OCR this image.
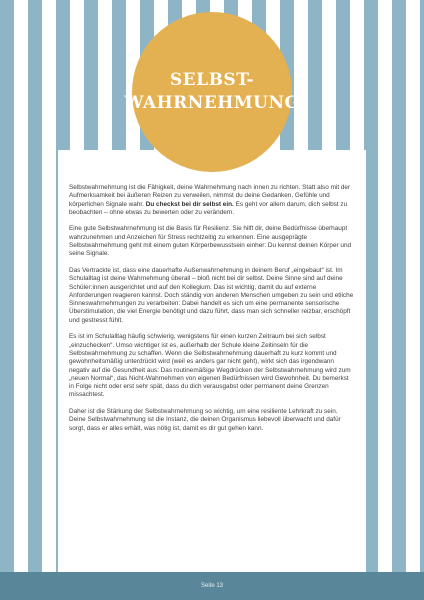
SELBST-
WAHRNEHMUNG

Selbstwahrnehmung ist die Fähigkeit, deine Wahrnehmung nach innen zu richten. Statt also mit der Aufmerksamkeit bei äußeren Reizen zu verweilen, nimmst du deine Gedanken, Gefühle und körperlichen Signale wahr. Du checkst bei dir selbst ein. Es geht vor allem darum, dich selbst zu beobachten – ohne etwas zu bewerten oder zu verändern.

Eine gute Selbstwahrnehmung ist die Basis für Resilienz. Sie hilft dir, deine Bedürfnisse überhaupt wahrzunehmen und Anzeichen für Stress rechtzeitig zu erkennen. Eine ausgeprägte Selbstwahrnehmung geht mit einem guten Körperbewusstsein einher: Du kennst deinen Körper und seine Signale.

Das Vertrackte ist, dass eine dauerhafte Außenwahrnehmung in deinem Beruf „eingebaut“ ist. Im Schulalltag ist deine Wahrnehmung überall – bloß nicht bei dir selbst. Deine Sinne sind auf deine Schüler:innen ausgerichtet und auf den Kollegium. Das ist wichtig, damit du auf externe Anforderungen reagieren kannst. Doch ständig von anderen Menschen umgeben zu sein und etliche Sinneswahrnehmungen zu verarbeiten: Dabei handelt es sich um eine permanente sensorische Überstimulation, die viel Energie benötigt und dazu führt, dass man sich schneller reizbar, erschöpft und gestresst fühlt.

Es ist im Schulalltag häufig schwierig, wenigstens für einen kurzen Zeitraum bei sich selbst „einzuchecken“. Umso wichtiger ist es, außerhalb der Schule kleine Zeitinseln für die Selbstwahrnehmung zu schaffen. Wenn die Selbstwahrnehmung dauerhaft zu kurz kommt und gewohnheitsmäßig unterdrückt wird (weil es anders gar nicht geht), wirkt sich das irgendwann negativ auf die Gesundheit aus: Das routinemäßige Wegdrücken der Selbstwahrnehmung wird zum „neuen Normal“, das Nicht-Wahrnehmen von eigenen Bedürfnissen wird Gewohnheit. Du bemerkst in Folge nicht oder erst sehr spät, dass du dich verausgabst oder permanent deine Grenzen missachtest.

Daher ist die Stärkung der Selbstwahrnehmung so wichtig, um eine resiliente Lehrkraft zu sein. Deine Selbstwahrnehmung ist die Instanz, die deinen Organismus liebevoll überwacht und dafür sorgt, dass er alles erhält, was nötig ist, damit es dir gut gehen kann.

Seite 13
